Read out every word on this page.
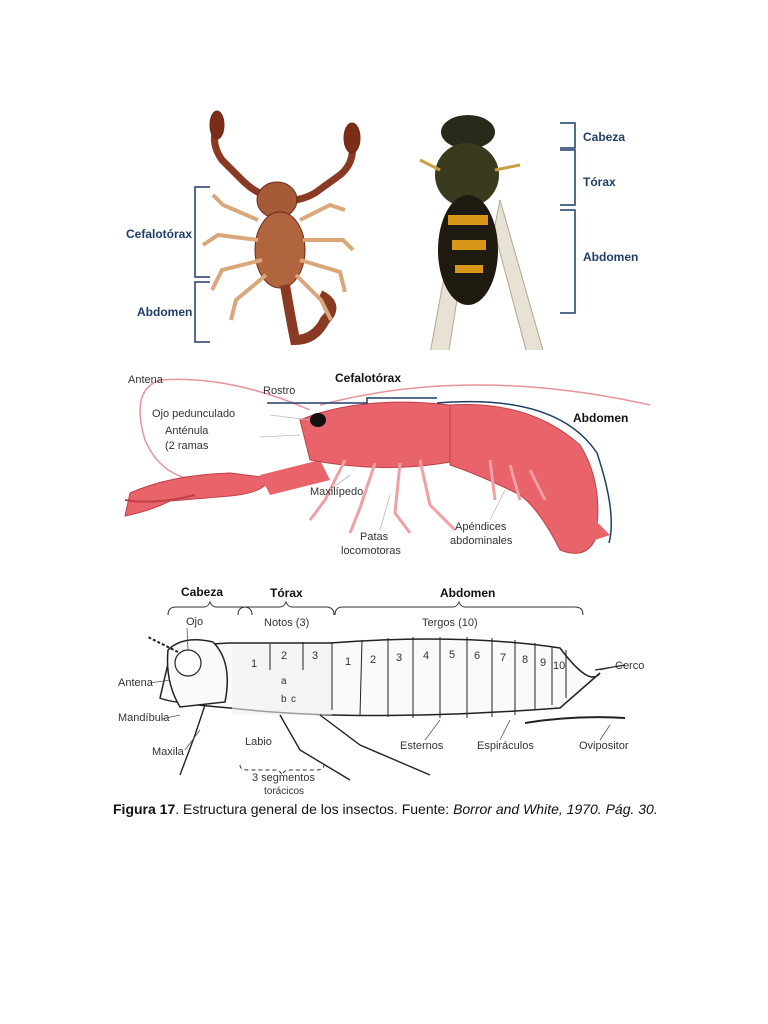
Cefalotórax
Abdomen
Cabeza
Tórax
Abdomen
Antena
Rostro
Cefalotórax
Ojo pedunculado
Anténula
(2 ramas
Abdomen
Maxilípedo
Patas
locomotoras
Apéndices
abdominales
Cabeza	Tórax	Abdomen
Ojo	Notos (3)	Tergos (10)
Antena
Mandíbula
Maxila
Labio
3 segmentos
torácicos
Esternos	Espiráculos	Ovipositor
Cerco
1
2 3
a
b c
1 2 3 4 5 6 7 8 9 10
Figura 17. Estructura general de los insectos. Fuente: Borror and White, 1970. Pág. 30.
